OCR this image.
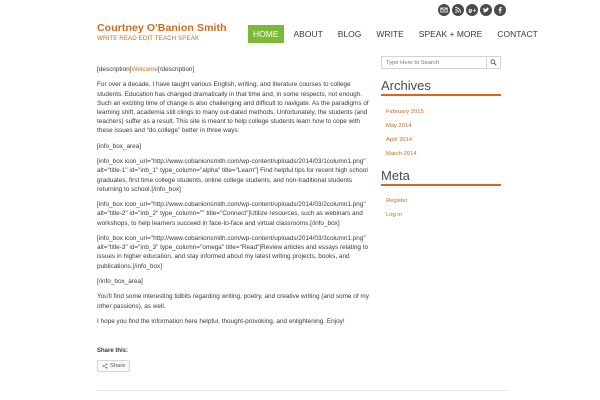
g+
Courtney O'Banion Smith
WRITE READ EDIT TEACH SPEAK	HOME	ABOUT	BLOG	WRITE	SPEAK + MORE	CONTACT

[description]Welcome[/description]

For over a decade, I have taught various English, writing, and literature courses to college students. Education has changed dramatically in that time and, in some respects, not enough. Such an exciting time of change is also challenging and difficult to navigate. As the paradigms of learning shift, academia still clings to many out-dated methods. Unfortunately, the students (and teachers) suffer as a result. This site is meant to help college students learn how to cope with these issues and “do college” better in three ways:

[info_box_area]

[info_box icon_url="http://www.cobanionsmith.com/wp-content/uploads/2014/03/1column1.png" alt="title-1" id="inb_1" type_column="alpha" title="Learn"] Find helpful tips for recent high school graduates, first time college students, online college students, and non-traditional students returning to school.[/info_box]

[info_box icon_url="http://www.cobanionsmith.com/wp-content/uploads/2014/03/2column1.png" alt="title-2" id="inb_2" type_column="" title="Connect"]Utilize resources, such as webinars and workshops, to help learners succeed in face-to-face and virtual classrooms.[/info_box]

[info_box icon_url="http://www.cobanionsmith.com/wp-content/uploads/2014/03/3column1.png" alt="title-3" id="inb_3" type_column="omega" title="Read"]Review articles and essays relating to issues in higher education, and stay informed about my latest writing projects, books, and publications.[/info_box]

[/info_box_area]

You'll find some interesting tidbits regarding writing, poetry, and creative writing (and some of my other passions), as well.

I hope you find the information here helpful, thought-provoking, and enlightening. Enjoy!

Share this:
Share
Type Here to Search
Archives
February 2015
May 2014
April 2014
March 2014
Meta
Register
Log in
